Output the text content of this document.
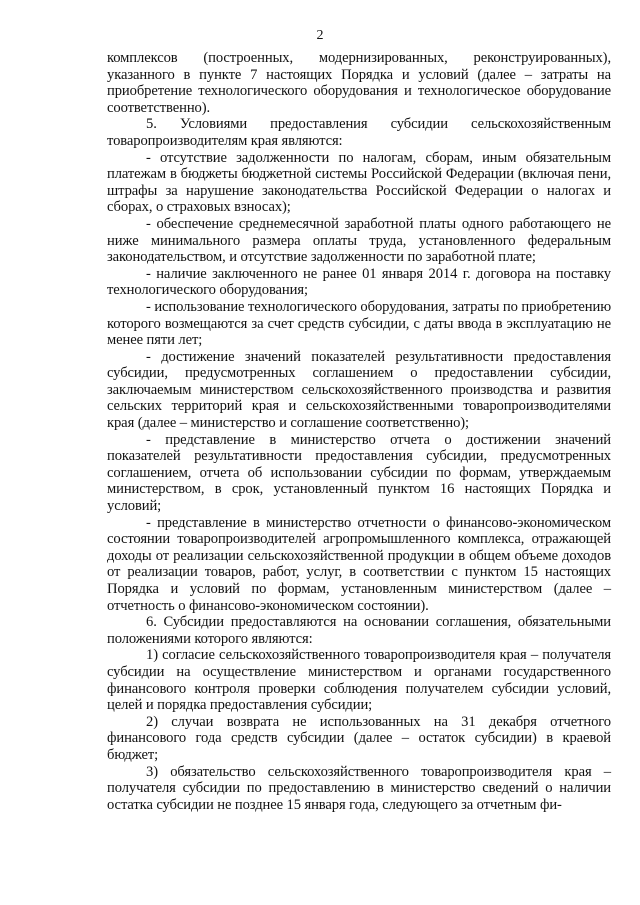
2

комплексов (построенных, модернизированных, реконструированных), указанного в пункте 7 настоящих Порядка и условий (далее – затраты на приобретение технологического оборудования и технологическое оборудование соответственно).

5. Условиями предоставления субсидии сельскохозяйственным товаропроизводителям края являются:

- отсутствие задолженности по налогам, сборам, иным обязательным платежам в бюджеты бюджетной системы Российской Федерации (включая пени, штрафы за нарушение законодательства Российской Федерации о налогах и сборах, о страховых взносах);

- обеспечение среднемесячной заработной платы одного работающего не ниже минимального размера оплаты труда, установленного федеральным законодательством, и отсутствие задолженности по заработной плате;

- наличие заключенного не ранее 01 января 2014 г. договора на поставку технологического оборудования;

- использование технологического оборудования, затраты по приобретению которого возмещаются за счет средств субсидии, с даты ввода в эксплуатацию не менее пяти лет;

- достижение значений показателей результативности предоставления субсидии, предусмотренных соглашением о предоставлении субсидии, заключаемым министерством сельскохозяйственного производства и развития сельских территорий края и сельскохозяйственными товаропроизводителями края (далее – министерство и соглашение соответственно);

- представление в министерство отчета о достижении значений показателей результативности предоставления субсидии, предусмотренных соглашением, отчета об использовании субсидии по формам, утверждаемым министерством, в срок, установленный пунктом 16 настоящих Порядка и условий;

- представление в министерство отчетности о финансово-экономическом состоянии товаропроизводителей агропромышленного комплекса, отражающей доходы от реализации сельскохозяйственной продукции в общем объеме доходов от реализации товаров, работ, услуг, в соответствии с пунктом 15 настоящих Порядка и условий по формам, установленным министерством (далее – отчетность о финансово-экономическом состоянии).

6. Субсидии предоставляются на основании соглашения, обязательными положениями которого являются:

1) согласие сельскохозяйственного товаропроизводителя края – получателя субсидии на осуществление министерством и органами государственного финансового контроля проверки соблюдения получателем субсидии условий, целей и порядка предоставления субсидии;

2) случаи возврата не использованных на 31 декабря отчетного финансового года средств субсидии (далее – остаток субсидии) в краевой бюджет;

3) обязательство сельскохозяйственного товаропроизводителя края – получателя субсидии по предоставлению в министерство сведений о наличии остатка субсидии не позднее 15 января года, следующего за отчетным фи-
